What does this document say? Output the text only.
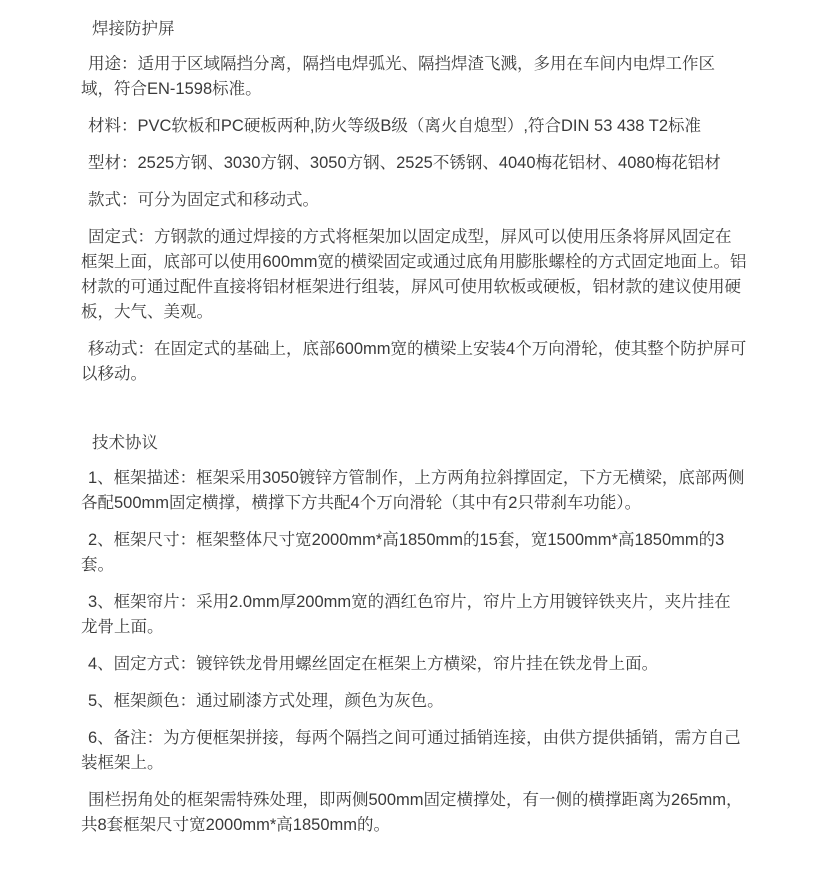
焊接防护屏

用途：适用于区域隔挡分离，隔挡电焊弧光、隔挡焊渣飞溅，多用在车间内电焊工作区域，符合EN-1598标准。

材料：PVC软板和PC硬板两种,防火等级B级（离火自熄型）,符合DIN 53 438 T2标准

型材：2525方钢、3030方钢、3050方钢、2525不锈钢、4040梅花铝材、4080梅花铝材

款式：可分为固定式和移动式。

固定式：方钢款的通过焊接的方式将框架加以固定成型，屏风可以使用压条将屏风固定在框架上面，底部可以使用600mm宽的横梁固定或通过底角用膨胀螺栓的方式固定地面上。铝材款的可通过配件直接将铝材框架进行组装，屏风可使用软板或硬板，铝材款的建议使用硬板，大气、美观。

移动式：在固定式的基础上，底部600mm宽的横梁上安装4个万向滑轮，使其整个防护屏可以移动。

技术协议

1、框架描述：框架采用3050镀锌方管制作，上方两角拉斜撑固定，下方无横梁，底部两侧各配500mm固定横撑，横撑下方共配4个万向滑轮（其中有2只带刹车功能）。

2、框架尺寸：框架整体尺寸宽2000mm*高1850mm的15套，宽1500mm*高1850mm的3套。

3、框架帘片：采用2.0mm厚200mm宽的酒红色帘片，帘片上方用镀锌铁夹片，夹片挂在龙骨上面。

4、固定方式：镀锌铁龙骨用螺丝固定在框架上方横梁，帘片挂在铁龙骨上面。

5、框架颜色：通过刷漆方式处理，颜色为灰色。

6、备注：为方便框架拼接，每两个隔挡之间可通过插销连接，由供方提供插销，需方自己装框架上。

围栏拐角处的框架需特殊处理，即两侧500mm固定横撑处，有一侧的横撑距离为265mm，共8套框架尺寸宽2000mm*高1850mm的。
